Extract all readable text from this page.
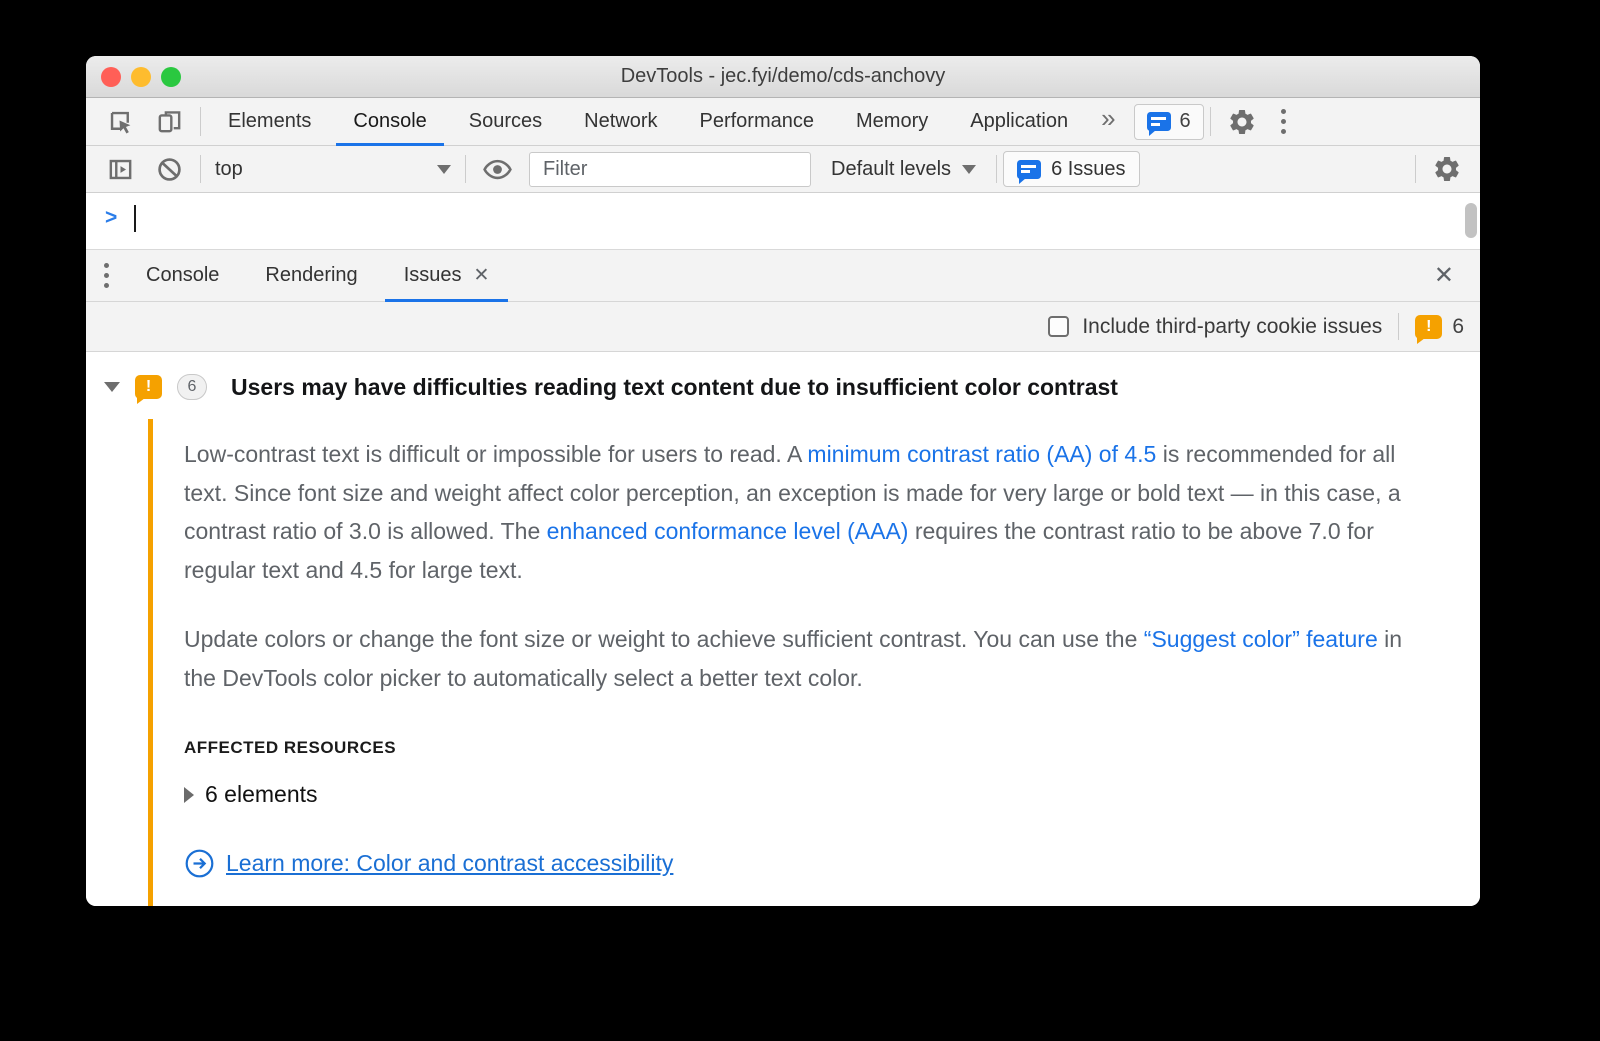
DevTools - jec.fyi/demo/cds-anchovy
Elements	Console	Sources	Network	Performance	Memory	Application	»	6
top
Filter	Default levels	6 Issues
>
Console	Rendering	Issues ✕	✕
Include third-party cookie issues	! 6
!	6	Users may have difficulties reading text content due to insufficient color contrast

Low-contrast text is difficult or impossible for users to read. A minimum contrast ratio (AA) of 4.5 is recommended for all text. Since font size and weight affect color perception, an exception is made for very large or bold text — in this case, a contrast ratio of 3.0 is allowed. The enhanced conformance level (AAA) requires the contrast ratio to be above 7.0 for regular text and 4.5 for large text.

Update colors or change the font size or weight to achieve sufficient contrast. You can use the “Suggest color” feature in the DevTools color picker to automatically select a better text color.

AFFECTED RESOURCES
6 elements
Learn more: Color and contrast accessibility
